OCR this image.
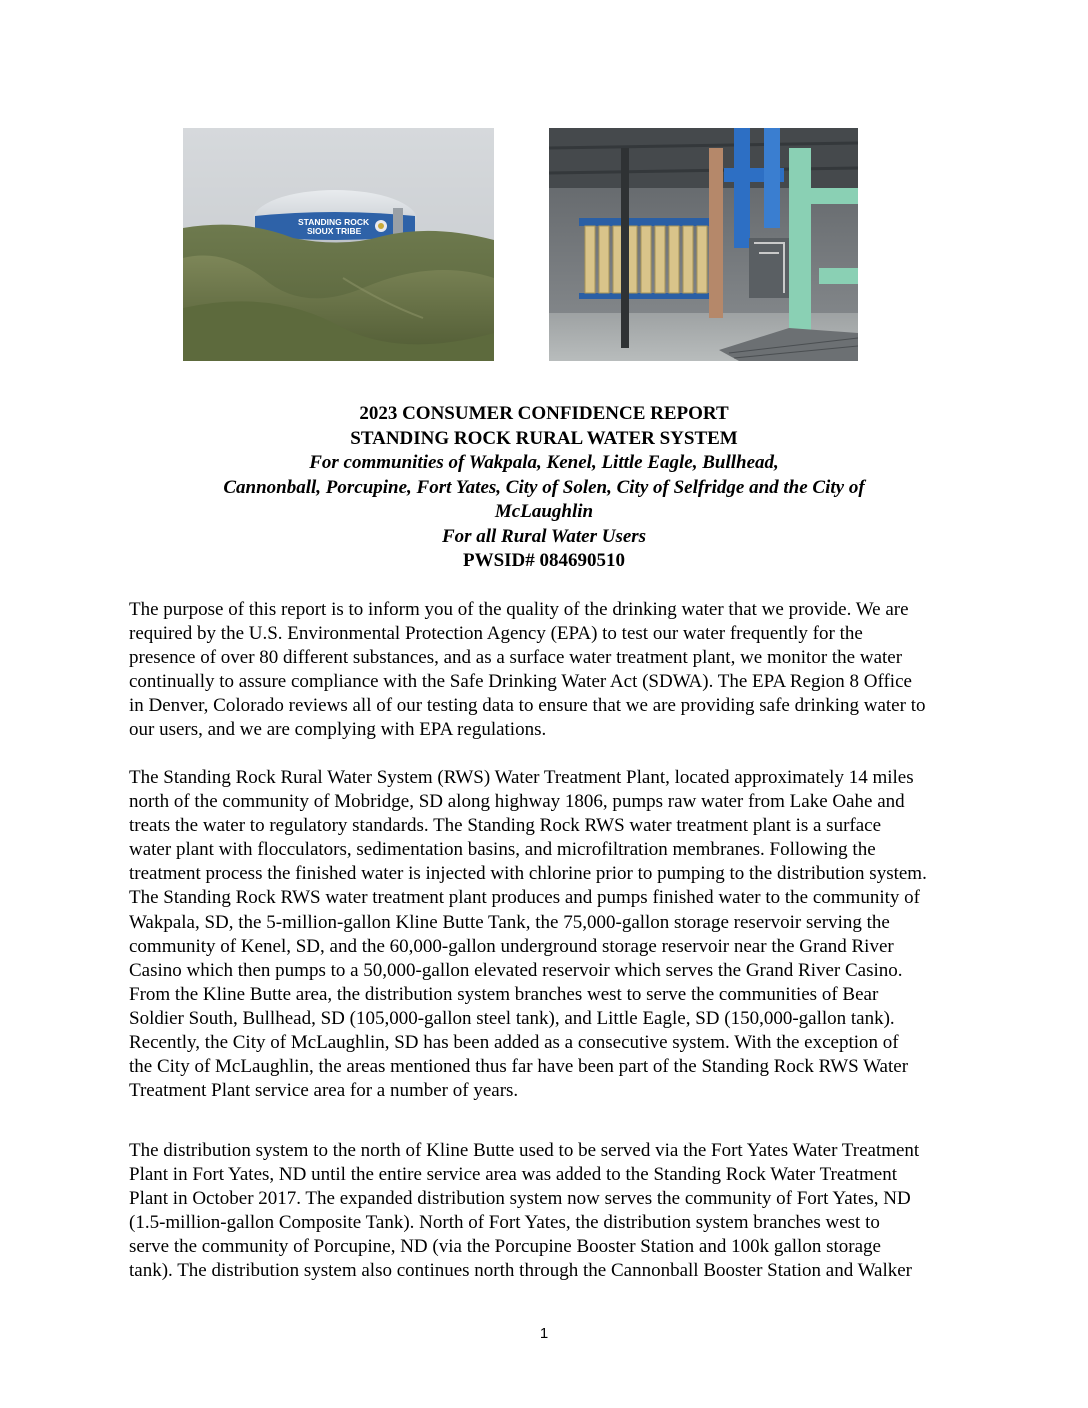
STANDING ROCK
SIOUX TRIBE
2023 CONSUMER CONFIDENCE REPORT
STANDING ROCK RURAL WATER SYSTEM
For communities of Wakpala, Kenel, Little Eagle, Bullhead,
Cannonball, Porcupine, Fort Yates, City of Solen, City of Selfridge and the City of
McLaughlin
For all Rural Water Users
PWSID# 084690510
The purpose of this report is to inform you of the quality of the drinking water that we provide. We are
required by the U.S. Environmental Protection Agency (EPA) to test our water frequently for the
presence of over 80 different substances, and as a surface water treatment plant, we monitor the water
continually to assure compliance with the Safe Drinking Water Act (SDWA). The EPA Region 8 Office
in Denver, Colorado reviews all of our testing data to ensure that we are providing safe drinking water to
our users, and we are complying with EPA regulations.
The Standing Rock Rural Water System (RWS) Water Treatment Plant, located approximately 14 miles
north of the community of Mobridge, SD along highway 1806, pumps raw water from Lake Oahe and
treats the water to regulatory standards. The Standing Rock RWS water treatment plant is a surface
water plant with flocculators, sedimentation basins, and microfiltration membranes. Following the
treatment process the finished water is injected with chlorine prior to pumping to the distribution system.
The Standing Rock RWS water treatment plant produces and pumps finished water to the community of
Wakpala, SD, the 5-million-gallon Kline Butte Tank, the 75,000-gallon storage reservoir serving the
community of Kenel, SD, and the 60,000-gallon underground storage reservoir near the Grand River
Casino which then pumps to a 50,000-gallon elevated reservoir which serves the Grand River Casino.
From the Kline Butte area, the distribution system branches west to serve the communities of Bear
Soldier South, Bullhead, SD (105,000-gallon steel tank), and Little Eagle, SD (150,000-gallon tank).
Recently, the City of McLaughlin, SD has been added as a consecutive system. With the exception of
the City of McLaughlin, the areas mentioned thus far have been part of the Standing Rock RWS Water
Treatment Plant service area for a number of years.
The distribution system to the north of Kline Butte used to be served via the Fort Yates Water Treatment
Plant in Fort Yates, ND until the entire service area was added to the Standing Rock Water Treatment
Plant in October 2017. The expanded distribution system now serves the community of Fort Yates, ND
(1.5-million-gallon Composite Tank). North of Fort Yates, the distribution system branches west to
serve the community of Porcupine, ND (via the Porcupine Booster Station and 100k gallon storage
tank). The distribution system also continues north through the Cannonball Booster Station and Walker
1
